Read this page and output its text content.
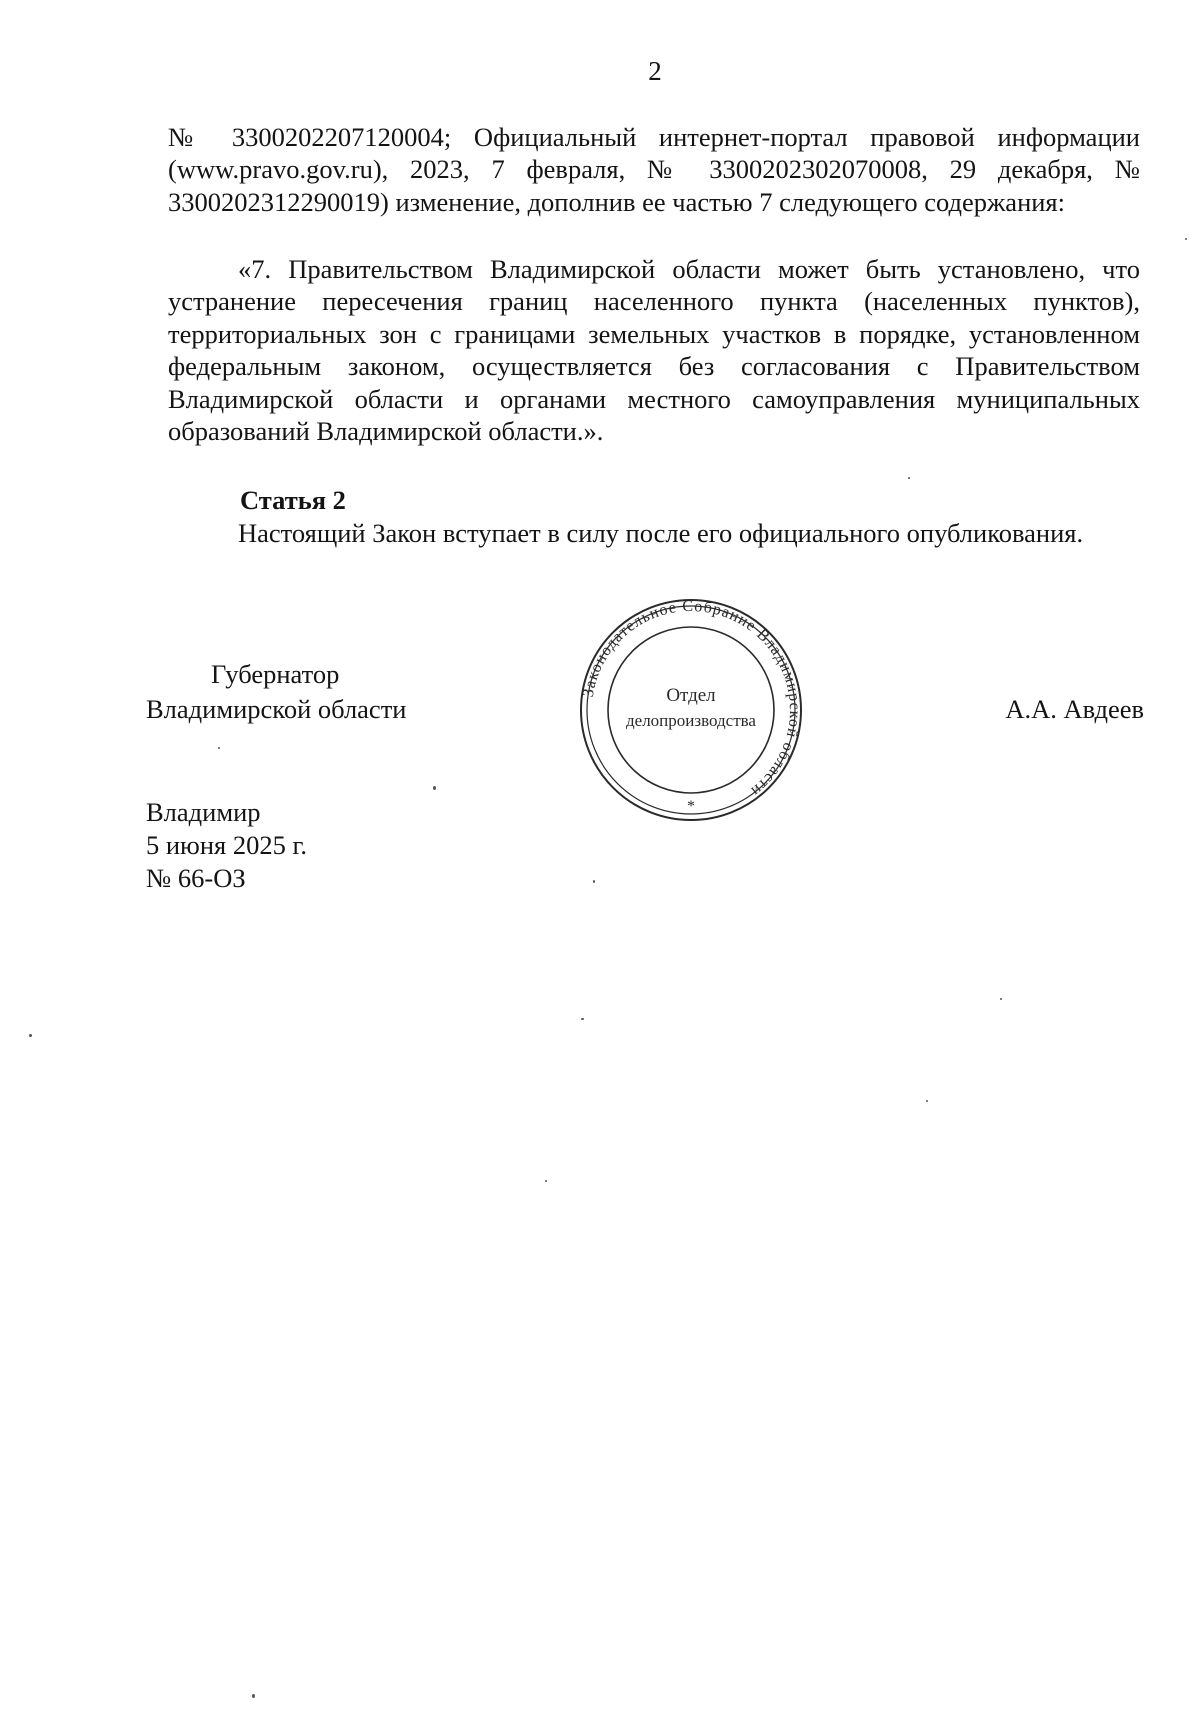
2

№ 3300202207120004; Официальный интернет-портал правовой информации (www.pravo.gov.ru), 2023, 7 февраля, № 3300202302070008, 29 декабря, № 3300202312290019) изменение, дополнив ее частью 7 следующего содержания:

«7. Правительством Владимирской области может быть установлено, что устранение пересечения границ населенного пункта (населенных пунктов), территориальных зон с границами земельных участков в порядке, установленном федеральным законом, осуществляется без согласования с Правительством Владимирской области и органами местного самоуправления муниципальных образований Владимирской области.».

Статья 2

Настоящий Закон вступает в силу после его официального опубликования.

Губернатор
Владимирской области	А.А. Авдеев
Законодательное Собрание Владимирской области
*
Отдел
делопроизводства
Владимир
5 июня 2025 г.
№ 66-ОЗ
